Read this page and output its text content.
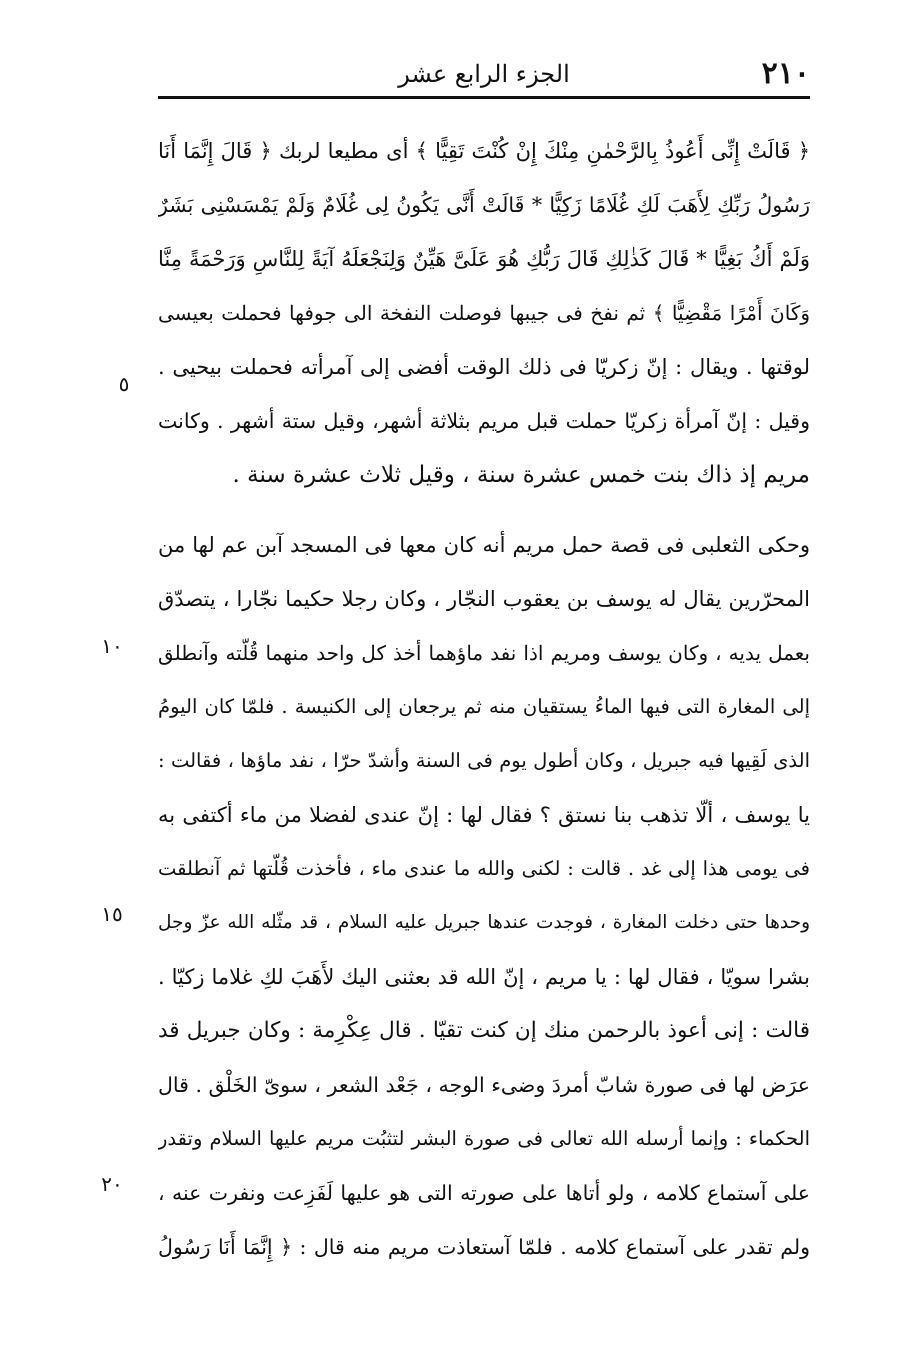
٢١٠
الجزء الرابع عشر
﴿ قَالَتْ إِنِّى أَعُوذُ بِالرَّحْمٰنِ مِنْكَ إِنْ كُنْتَ تَقِيًّا ﴾ أى مطيعا لربك ﴿ قَالَ إِنَّمَا أَنَا
رَسُولُ رَبِّكِ لِأَهَبَ لَكِ غُلَامًا زَكِيًّا * قَالَتْ أَنَّى يَكُونُ لِى غُلَامٌ وَلَمْ يَمْسَسْنِى بَشَرٌ
وَلَمْ أَكُ بَغِيًّا * قَالَ كَذٰلِكِ قَالَ رَبُّكِ هُوَ عَلَىَّ هَيِّنٌ وَلِنَجْعَلَهُ آيَةً لِلنَّاسِ وَرَحْمَةً مِنَّا
وَكَانَ أَمْرًا مَقْضِيًّا ﴾ ثم نفخ فى جيبها فوصلت النفخة الى جوفها فحملت بعيسى
لوقتها . ويقال : إنّ زكريّا فى ذلك الوقت أفضى إلى آمرأته فحملت بيحيى .
وقيل : إنّ آمرأة زكريّا حملت قبل مريم بثلاثة أشهر، وقيل ستة أشهر . وكانت
مريم إذ ذاك بنت خمس عشرة سنة ، وقيل ثلاث عشرة سنة .
وحكى الثعلبى فى قصة حمل مريم أنه كان معها فى المسجد آبن عم لها من
المحرّرين يقال له يوسف بن يعقوب النجّار ، وكان رجلا حكيما نجّارا ، يتصدّق
بعمل يديه ، وكان يوسف ومريم اذا نفد ماؤهما أخذ كل واحد منهما قُلّته وآنطلق
إلى المغارة التى فيها الماءُ يستقيان منه ثم يرجعان إلى الكنيسة . فلمّا كان اليومُ
الذى لَقِيها فيه جبريل ، وكان أطول يوم فى السنة وأشدّ حرّا ، نفد ماؤها ، فقالت :
يا يوسف ، ألّا تذهب بنا نستق ؟ فقال لها : إنّ عندى لفضلا من ماء أكتفى به
فى يومى هذا إلى غد . قالت : لكنى والله ما عندى ماء ، فأخذت قُلّتها ثم آنطلقت
وحدها حتى دخلت المغارة ، فوجدت عندها جبريل عليه السلام ، قد مثّله الله عزّ وجل
بشرا سويّا ، فقال لها : يا مريم ، إنّ الله قد بعثنى اليك لأَهَبَ لكِ غلاما زكيّا .
قالت : إنى أعوذ بالرحمن منك إن كنت تقيّا . قال عِكْرِمة : وكان جبريل قد
عرَض لها فى صورة شابّ أمردَ وضىء الوجه ، جَعْد الشعر ، سوىّ الخَلْق . قال
الحكماء : وإنما أرسله الله تعالى فى صورة البشر لتثبُت مريم عليها السلام وتقدر
على آستماع كلامه ، ولو أتاها على صورته التى هو عليها لَفَزِعت ونفرت عنه ،
ولم تقدر على آستماع كلامه . فلمّا آستعاذت مريم منه قال : ﴿ إِنَّمَا أَنَا رَسُولُ
٥
١٠
١٥
٢٠
